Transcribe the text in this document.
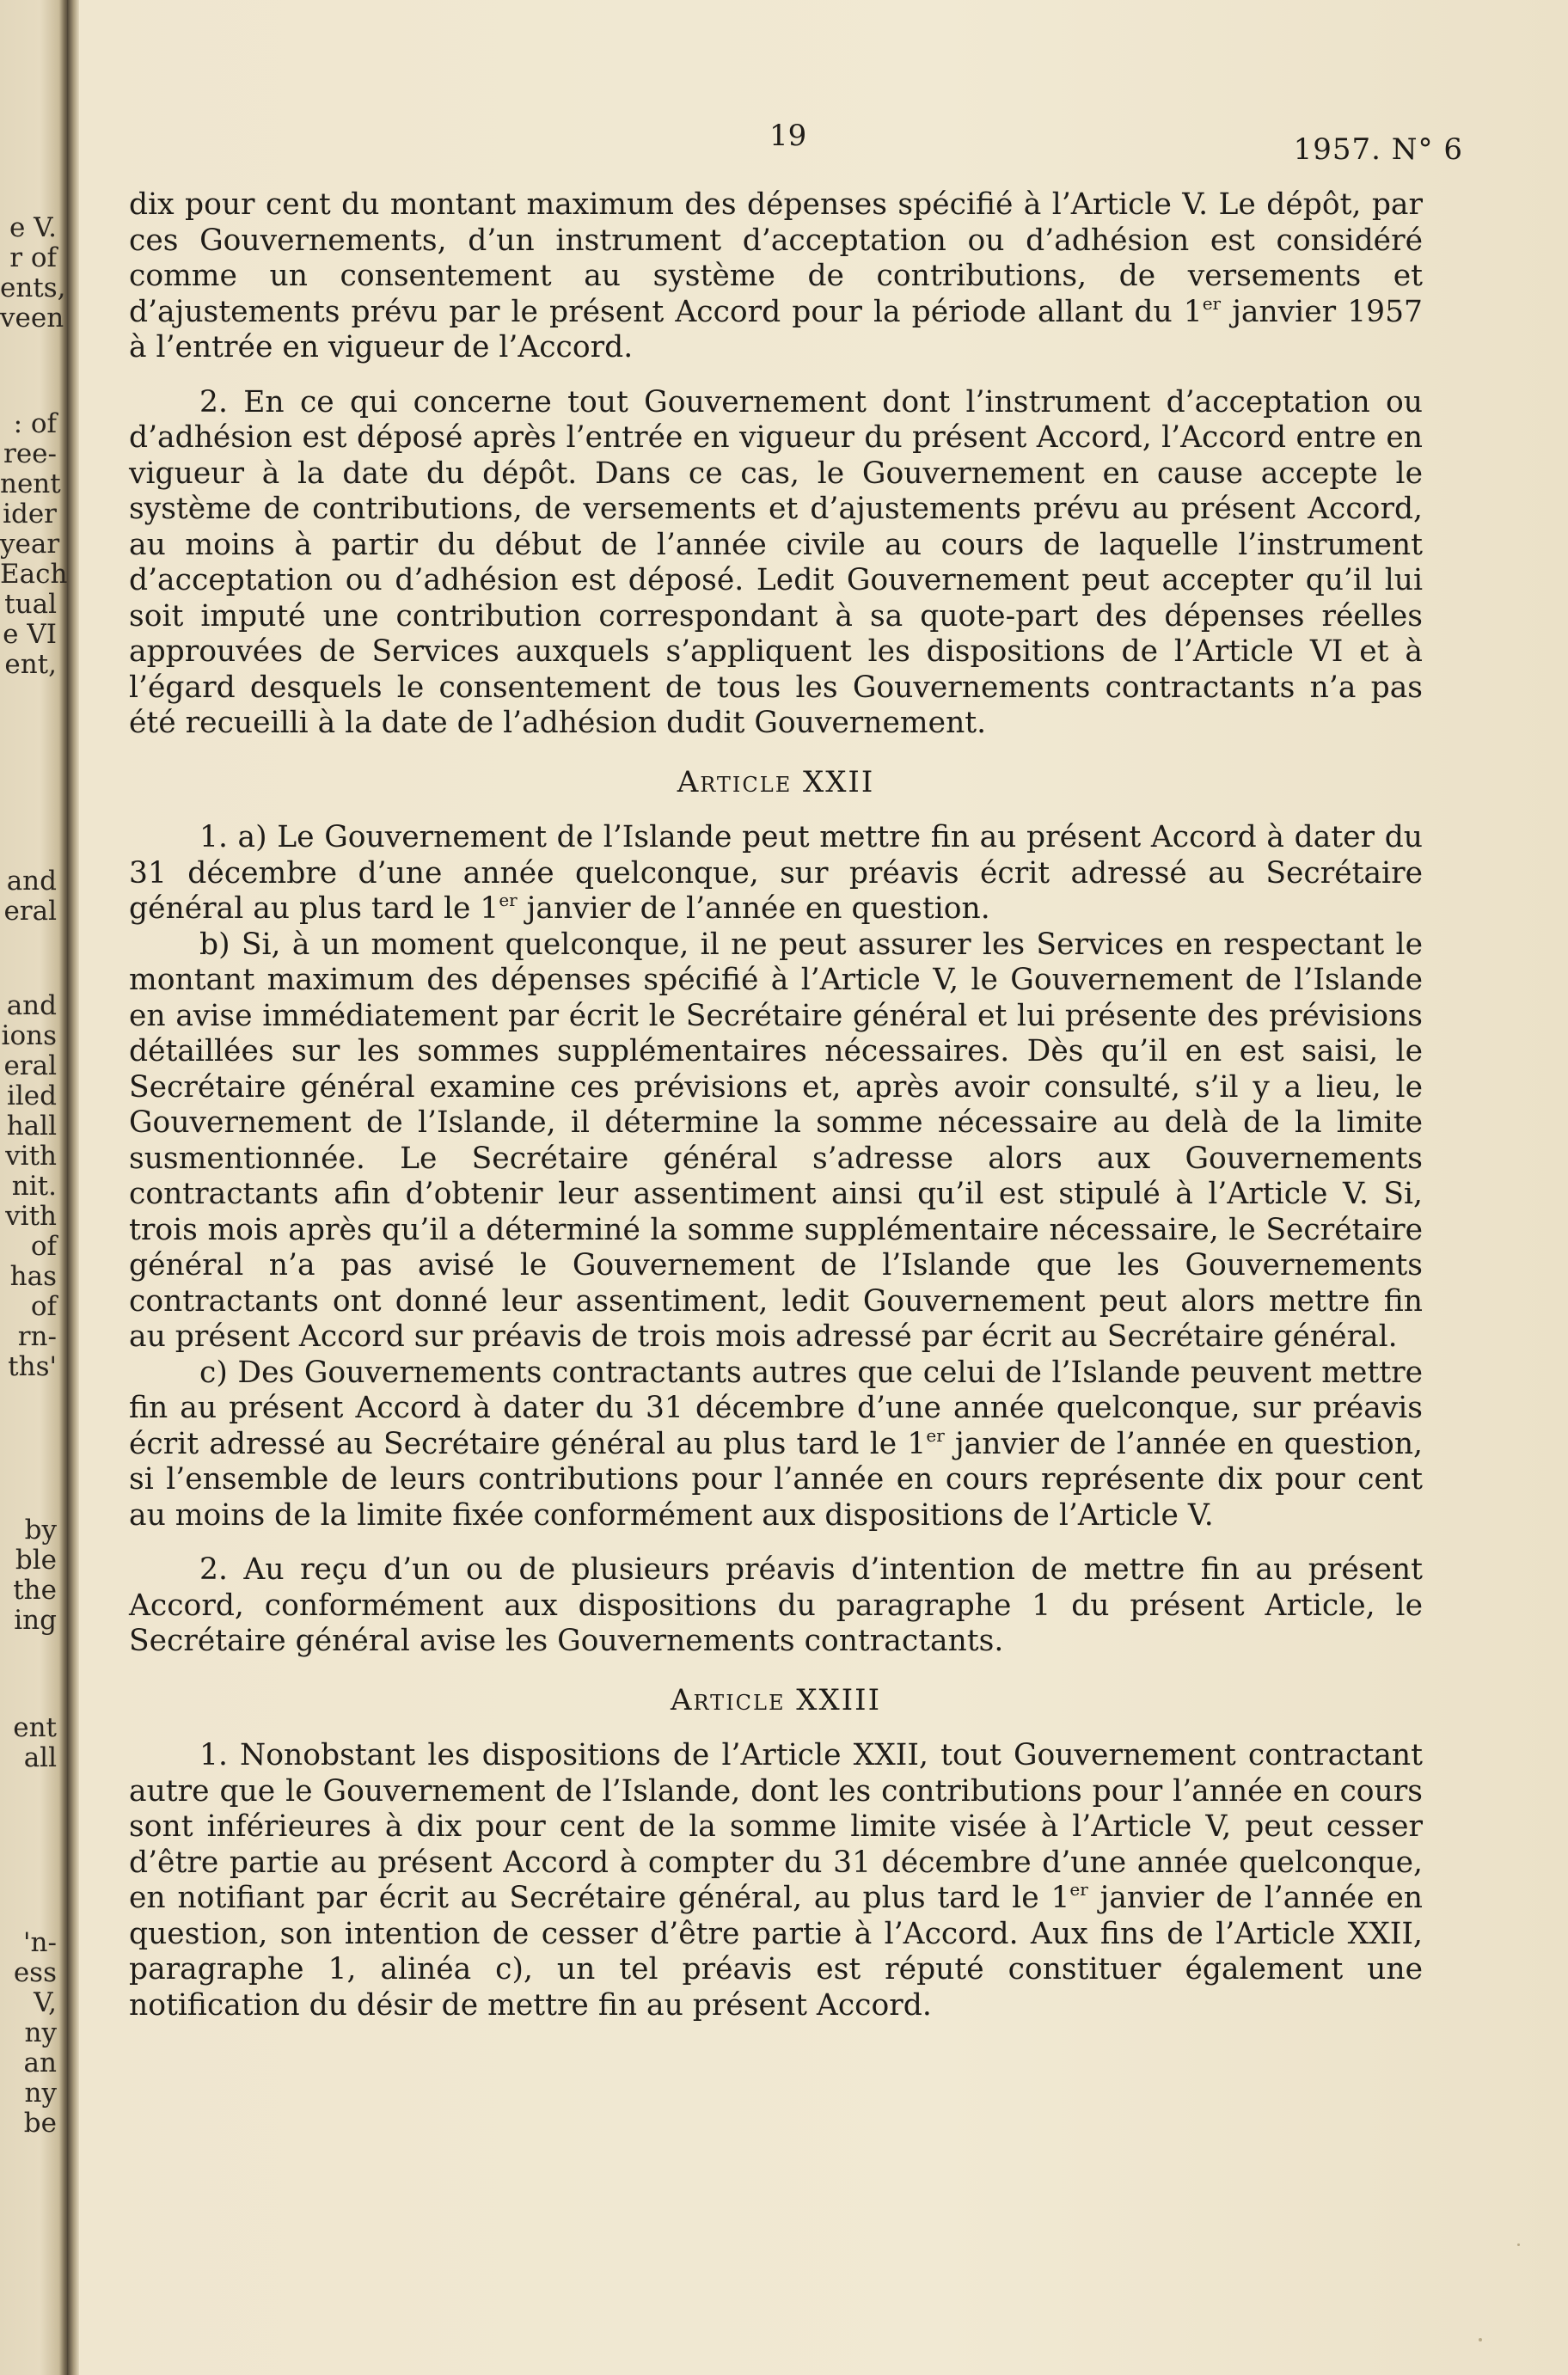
e V.
r of
ents,
veen
: of
ree-
nent
ider
year
Each
tual
e VI
ent,
and
eral
and
ions
eral
iled
hall
vith
nit.
vith
of
has
of
rn-
ths'
by
ble
the
ing
ent
all
'n-
ess
V,
ny
an
ny
be
19	1957. N° 6

dix pour cent du montant maximum des dépenses spécifié à l’Article V. Le dépôt, par ces Gouvernements, d’un instrument d’acceptation ou d’adhésion est considéré comme un consentement au système de contributions, de versements et d’ajustements prévu par le présent Accord pour la période allant du 1er janvier 1957 à l’entrée en vigueur de l’Accord.

2. En ce qui concerne tout Gouvernement dont l’instrument d’acceptation ou d’adhésion est déposé après l’entrée en vigueur du présent Accord, l’Accord entre en vigueur à la date du dépôt. Dans ce cas, le Gouvernement en cause accepte le système de contributions, de versements et d’ajustements prévu au présent Accord, au moins à partir du début de l’année civile au cours de laquelle l’instrument d’acceptation ou d’adhésion est déposé. Ledit Gouvernement peut accepter qu’il lui soit imputé une contribution correspondant à sa quote-part des dépenses réelles approuvées de Services auxquels s’appliquent les dispositions de l’Article VI et à l’égard desquels le consentement de tous les Gouvernements contractants n’a pas été recueilli à la date de l’adhésion dudit Gouvernement.

Article XXII

1. a) Le Gouvernement de l’Islande peut mettre fin au présent Accord à dater du 31 décembre d’une année quelconque, sur préavis écrit adressé au Secrétaire général au plus tard le 1er janvier de l’année en question.

b) Si, à un moment quelconque, il ne peut assurer les Services en respectant le montant maximum des dépenses spécifié à l’Article V, le Gouvernement de l’Islande en avise immédiatement par écrit le Secrétaire général et lui présente des prévisions détaillées sur les sommes supplémentaires nécessaires. Dès qu’il en est saisi, le Secrétaire général examine ces prévisions et, après avoir consulté, s’il y a lieu, le Gouvernement de l’Islande, il détermine la somme nécessaire au delà de la limite susmentionnée. Le Secrétaire général s’adresse alors aux Gouvernements contractants afin d’obtenir leur assentiment ainsi qu’il est stipulé à l’Article V. Si, trois mois après qu’il a déterminé la somme supplémentaire nécessaire, le Secrétaire général n’a pas avisé le Gouvernement de l’Islande que les Gouvernements contractants ont donné leur assentiment, ledit Gouvernement peut alors mettre fin au présent Accord sur préavis de trois mois adressé par écrit au Secrétaire général.

c) Des Gouvernements contractants autres que celui de l’Islande peuvent mettre fin au présent Accord à dater du 31 décembre d’une année quelconque, sur préavis écrit adressé au Secrétaire général au plus tard le 1er janvier de l’année en question, si l’ensemble de leurs contributions pour l’année en cours représente dix pour cent au moins de la limite fixée conformément aux dispositions de l’Article V.

2. Au reçu d’un ou de plusieurs préavis d’intention de mettre fin au présent Accord, conformément aux dispositions du paragraphe 1 du présent Article, le Secrétaire général avise les Gouvernements contractants.

Article XXIII

1. Nonobstant les dispositions de l’Article XXII, tout Gouvernement contractant autre que le Gouvernement de l’Islande, dont les contributions pour l’année en cours sont inférieures à dix pour cent de la somme limite visée à l’Article V, peut cesser d’être partie au présent Accord à compter du 31 décembre d’une année quelconque, en notifiant par écrit au Secrétaire général, au plus tard le 1er janvier de l’année en question, son intention de cesser d’être partie à l’Accord. Aux fins de l’Article XXII, paragraphe 1, alinéa c), un tel préavis est réputé constituer également une notification du désir de mettre fin au présent Accord.
